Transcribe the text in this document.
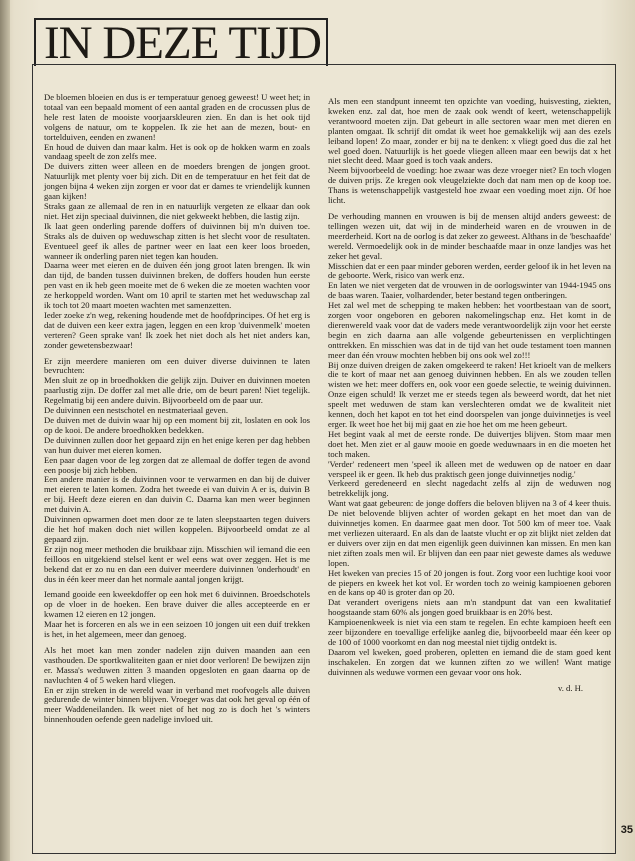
IN DEZE TIJD

De bloemen bloeien en dus is er temperatuur genoeg geweest! U weet het; in totaal van een bepaald moment of een aantal graden en de crocussen plus de hele rest laten de mooiste voorjaarskleuren zien. En dan is het ook tijd volgens de natuur, om te koppelen. Ik zie het aan de mezen, bout- en tortelduiven, eenden en zwanen!
En houd de duiven dan maar kalm. Het is ook op de hokken warm en zoals vandaag speelt de zon zelfs mee.
De duivers zitten weer alleen en de moeders brengen de jongen groot. Natuurlijk met plenty voer bij zich. Dit en de temperatuur en het feit dat de jongen bijna 4 weken zijn zorgen er voor dat er dames te vriendelijk kunnen gaan kijken!
Straks gaan ze allemaal de ren in en natuurlijk vergeten ze elkaar dan ook niet. Het zijn speciaal duivinnen, die niet gekweekt hebben, die lastig zijn.
Ik laat geen onderling parende doffers of duivinnen bij m'n duiven toe. Straks als de duiven op weduwschap zitten is het slecht voor de resultaten. Eventueel geef ik alles de partner weer en laat een keer loos broeden, wanneer ik onderling paren niet tegen kan houden.
Daarna weer met eieren en de duiven één jong groot laten brengen. Ik win dan tijd, de banden tussen duivinnen breken, de doffers houden hun eerste pen vast en ik heb geen moeite met de 6 weken die ze moeten wachten voor ze herkoppeld worden. Want om 10 april te starten met het weduwschap zal ik toch tot 20 maart moeten wachten met samenzetten.
Ieder zoeke z'n weg, rekening houdende met de hoofdprincipes. Of het erg is dat de duiven een keer extra jagen, leggen en een krop 'duivenmelk' moeten verteren? Geen sprake van! Ik zoek het niet doch als het niet anders kan, zonder gewetensbezwaar!

Er zijn meerdere manieren om een duiver diverse duivinnen te laten bevruchten:
Men sluit ze op in broedhokken die gelijk zijn. Duiver en duivinnen moeten paarlustig zijn. De doffer zal met alle drie, om de beurt paren! Niet tegelijk. Regelmatig bij een andere duivin. Bijvoorbeeld om de paar uur.
De duivinnen een nestschotel en nestmateriaal geven.
De duiven met de duivin waar hij op een moment bij zit, loslaten en ook los op de kooi. De andere broedhokken bedekken.
De duivinnen zullen door het gepaard zijn en het enige keren per dag hebben van hun duiver met eieren komen.
Een paar dagen voor de leg zorgen dat ze allemaal de doffer tegen de avond een poosje bij zich hebben.
Een andere manier is de duivinnen voor te verwarmen en dan bij de duiver met eieren te laten komen. Zodra het tweede ei van duivin A er is, duivin B er bij. Heeft deze eieren en dan duivin C. Daarna kan men weer beginnen met duivin A.
Duivinnen opwarmen doet men door ze te laten sleepstaarten tegen duivers die het hof maken doch niet willen koppelen. Bijvoorbeeld omdat ze al gepaard zijn.
Er zijn nog meer methoden die bruikbaar zijn. Misschien wil iemand die een feilloos en uitgekiend stelsel kent er wel eens wat over zeggen. Het is me bekend dat er zo nu en dan een duiver meerdere duivinnen 'onderhoudt' en dus in één keer meer dan het normale aantal jongen krijgt.

Iemand gooide een kweekdoffer op een hok met 6 duivinnen. Broedschotels op de vloer in de hoeken. Een brave duiver die alles accepteerde en er kwamen 12 eieren en 12 jongen.
Maar het is forceren en als we in een seizoen 10 jongen uit een duif trekken is het, in het algemeen, meer dan genoeg.

Als het moet kan men zonder nadelen zijn duiven maanden aan een vasthouden. De sportkwaliteiten gaan er niet door verloren! De bewijzen zijn er. Massa's weduwen zitten 3 maanden opgesloten en gaan daarna op de navluchten 4 of 5 weken hard vliegen.
En er zijn streken in de wereld waar in verband met roofvogels alle duiven gedurende de winter binnen blijven. Vroeger was dat ook het geval op één of meer Waddeneilanden. Ik weet niet of het nog zo is doch het 's winters binnenhouden oefende geen nadelige invloed uit.

Als men een standpunt inneemt ten opzichte van voeding, huisvesting, ziekten, kweken enz. zal dat, hoe men de zaak ook wendt of keert, wetenschappelijk verantwoord moeten zijn. Dat gebeurt in alle sectoren waar men met dieren en planten omgaat. Ik schrijf dit omdat ik weet hoe gemakkelijk wij aan des ezels leiband lopen! Zo maar, zonder er bij na te denken: x vliegt goed dus die zal het wel goed doen. Natuurlijk is het goede vliegen alleen maar een bewijs dat x het niet slecht deed. Maar goed is toch vaak anders.
Neem bijvoorbeeld de voeding: hoe zwaar was deze vroeger niet? En toch vlogen de duiven prijs. Ze kregen ook vleugelziekte doch dat nam men op de koop toe. Thans is wetenschappelijk vastgesteld hoe zwaar een voeding moet zijn. Of hoe licht.

De verhouding mannen en vrouwen is bij de mensen altijd anders geweest: de tellingen wezen uit, dat wij in de minderheid waren en de vrouwen in de meerderheid. Kort na de oorlog is dat zeker zo geweest. Althans in de 'beschaafde' wereld. Vermoedelijk ook in de minder beschaafde maar in onze landjes was het zeker het geval.
Misschien dat er een paar minder geboren werden, eerder geloof ik in het leven na de geboorte. Werk, risico van werk enz.
En laten we niet vergeten dat de vrouwen in de oorlogswinter van 1944-1945 ons de baas waren. Taaier, volhardender, beter bestand tegen ontberingen.
Het zal wel met de schepping te maken hebben: het voortbestaan van de soort, zorgen voor ongeboren en geboren nakomelingschap enz. Het komt in de dierenwereld vaak voor dat de vaders mede verantwoordelijk zijn voor het eerste begin en zich daarna aan alle volgende gebeurtenissen en verplichtingen onttrekken. En misschien was dat in de tijd van het oude testament toen mannen meer dan één vrouw mochten hebben bij ons ook wel zo!!!
Bij onze duiven dreigen de zaken omgekeerd te raken! Het krioelt van de melkers die te kort of maar net aan genoeg duivinnen hebben. En als we zouden tellen wisten we het: meer doffers en, ook voor een goede selectie, te weinig duivinnen. Onze eigen schuld! Ik verzet me er steeds tegen als beweerd wordt, dat het niet speelt met weduwen de stam kan verslechteren omdat we de kwaliteit niet kennen, doch het kapot en tot het eind doorspelen van jonge duivinnetjes is veel erger. Ik weet hoe het bij mij gaat en zie hoe het om me heen gebeurt.
Het begint vaak al met de eerste ronde. De duivertjes blijven. Stom maar men doet het. Men ziet er al gauw mooie en goede weduwnaars in en die moeten het toch maken.
'Verder' redeneert men 'speel ik alleen met de weduwen op de natoer en daar verspeel ik er geen. Ik heb dus praktisch geen jonge duivinnetjes nodig.'
Verkeerd geredeneerd en slecht nagedacht zelfs al zijn de weduwen nog betrekkelijk jong.
Want wat gaat gebeuren: de jonge doffers die beloven blijven na 3 of 4 keer thuis. De niet belovende blijven achter of worden gekapt en het moet dan van de duivinnetjes komen. En daarmee gaat men door. Tot 500 km of meer toe. Vaak met verliezen uiteraard. En als dan de laatste vlucht er op zit blijkt niet zelden dat er duivers over zijn en dat men eigenlijk geen duivinnen kan missen. En men kan niet ziften zoals men wil. Er blijven dan een paar niet geweste dames als weduwe lopen.
Het kweken van precies 15 of 20 jongen is fout. Zorg voor een luchtige kooi voor de piepers en kweek het kot vol. Er worden toch zo weinig kampioenen geboren en de kans op 40 is groter dan op 20.
Dat verandert overigens niets aan m'n standpunt dat van een kwalitatief hoogstaande stam 60% als jongen goed bruikbaar is en 20% best.
Kampioenenkweek is niet via een stam te regelen. En echte kampioen heeft een zeer bijzondere en toevallige erfelijke aanleg die, bijvoorbeeld maar één keer op de 100 of 1000 voorkomt en dan nog meestal niet tijdig ontdekt is.
Daarom vel kweken, goed proberen, opletten en iemand die de stam goed kent inschakelen. En zorgen dat we kunnen ziften zo we willen! Want matige duivinnen als weduwe vormen een gevaar voor ons hok.

v. d. H.
35
